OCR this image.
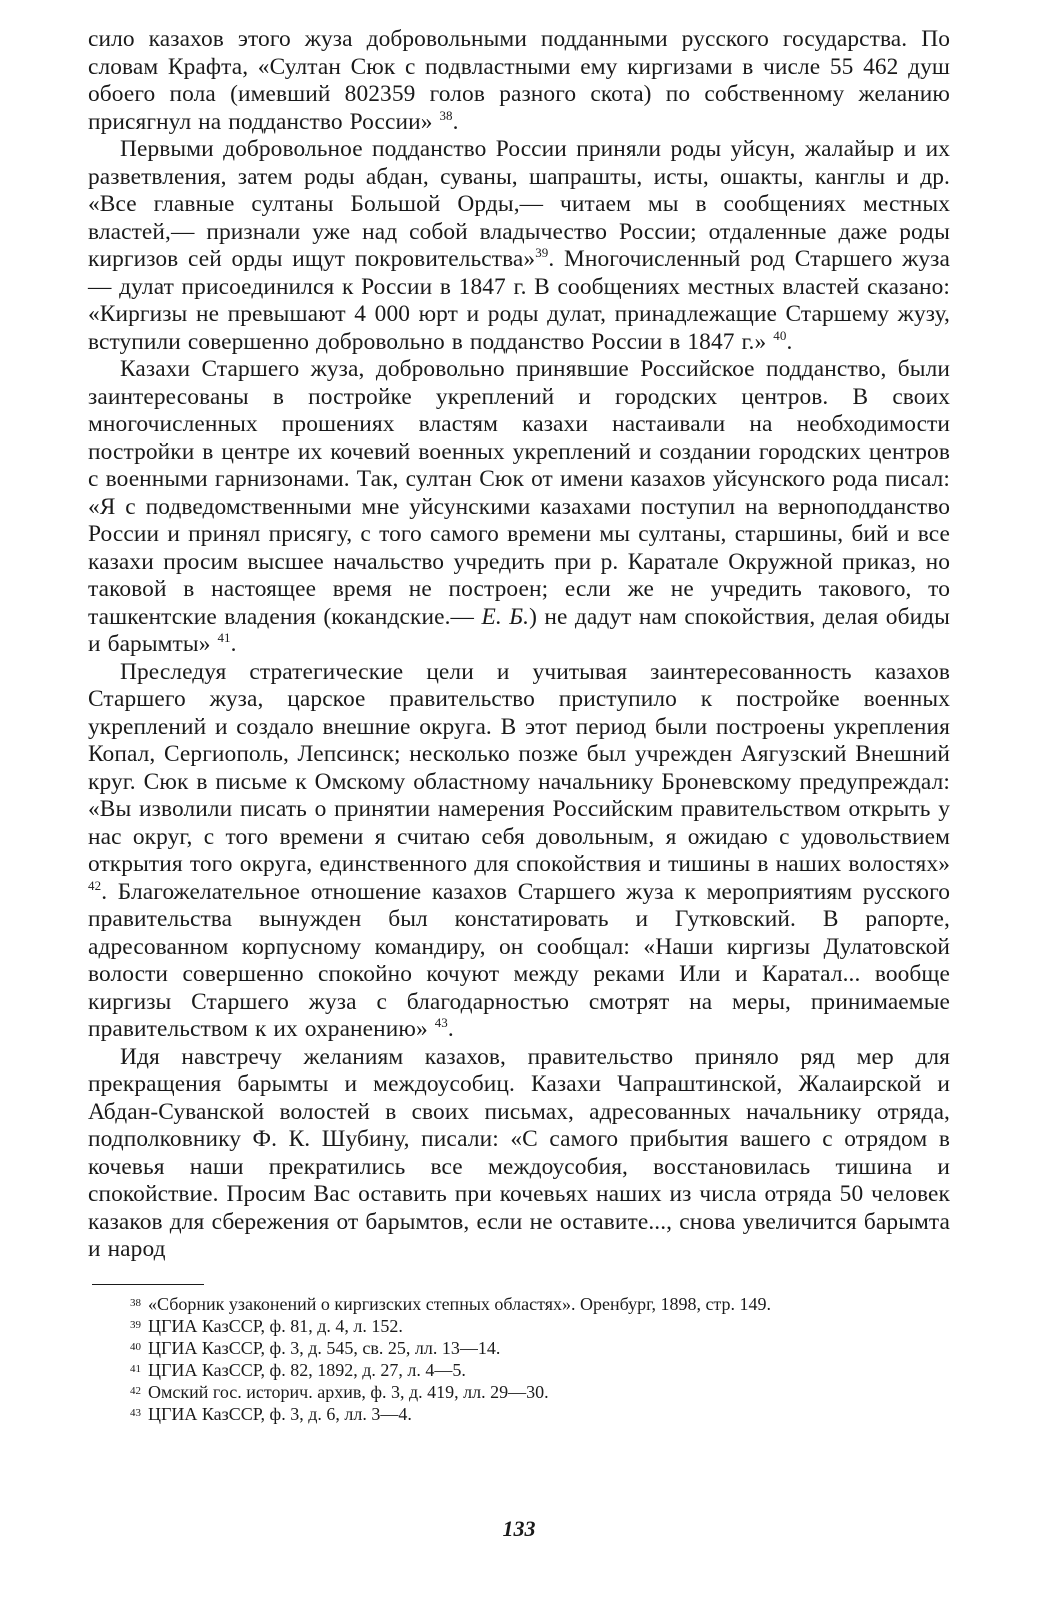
сило казахов этого жуза добровольными подданными русского государства. По словам Крафта, «Султан Сюк с подвластными ему киргизами в числе 55 462 душ обоего пола (имевший 802359 голов разного скота) по собственному желанию присягнул на подданство России» $^{38}$.

Первыми добровольное подданство России приняли роды уйсун, жалайыр и их разветвления, затем роды абдан, суваны, шапрашты, исты, ошакты, канглы и др. «Все главные султаны Большой Орды,— читаем мы в сообщениях местных властей,— признали уже над собой владычество России; отдаленные даже роды киргизов сей орды ищут покровительства»$^{39}$. Многочисленный род Старшего жуза — дулат присоединился к России в 1847 г. В сообщениях местных властей сказано: «Киргизы не превышают 4 000 юрт и роды дулат, принадлежащие Старшему жузу, вступили совершенно добровольно в подданство России в 1847 г.» $^{40}$.

Казахи Старшего жуза, добровольно принявшие Российское подданство, были заинтересованы в постройке укреплений и городских центров. В своих многочисленных прошениях властям казахи настаивали на необходимости постройки в центре их кочевий военных укреплений и создании городских центров с военными гарнизонами. Так, султан Сюк от имени казахов уйсунского рода писал: «Я с подведомственными мне уйсунскими казахами поступил на верноподданство России и принял присягу, с того самого времени мы султаны, старшины, бий и все казахи просим высшее начальство учредить при р. Каратале Окружной приказ, но таковой в настоящее время не построен; если же не учредить такового, то ташкентские владения (кокандские.— Е. Б.) не дадут нам спокойствия, делая обиды и барымты» $^{41}$.

Преследуя стратегические цели и учитывая заинтересованность казахов Старшего жуза, царское правительство приступило к постройке военных укреплений и создало внешние округа. В этот период были построены укрепления Копал, Сергиополь, Лепсинск; несколько позже был учрежден Аягузский Внешний круг. Сюк в письме к Омскому областному начальнику Броневскому предупреждал: «Вы изволили писать о принятии намерения Российским правительством открыть у нас округ, с того времени я считаю себя довольным, я ожидаю с удовольствием открытия того округа, единственного для спокойствия и тишины в наших волостях» $^{42}$. Благожелательное отношение казахов Старшего жуза к мероприятиям русского правительства вынужден был констатировать и Гутковский. В рапорте, адресованном корпусному командиру, он сообщал: «Наши киргизы Дулатовской волости совершенно спокойно кочуют между реками Или и Каратал... вообще киргизы Старшего жуза с благодарностью смотрят на меры, принимаемые правительством к их охранению» $^{43}$.

Идя навстречу желаниям казахов, правительство приняло ряд мер для прекращения барымты и междоусобиц. Казахи Чапраштинской, Жалаирской и Абдан-Суванской волостей в своих письмах, адресованных начальнику отряда, подполковнику Ф. К. Шубину, писали: «С самого прибытия вашего с отрядом в кочевья наши прекратились все междоусобия, восстановилась тишина и спокойствие. Просим Вас оставить при кочевьях наших из числа отряда 50 человек казаков для сбережения от барымтов, если не оставите..., снова увеличится барымта и народ

38 «Сборник узаконений о киргизских степных областях». Оренбург, 1898, стр. 149.

39 ЦГИА КазССР, ф. 81, д. 4, л. 152.

40 ЦГИА КазССР, ф. 3, д. 545, св. 25, лл. 13—14.

41 ЦГИА КазССР, ф. 82, 1892, д. 27, л. 4—5.

42 Омский гос. историч. архив, ф. 3, д. 419, лл. 29—30.

43 ЦГИА КазССР, ф. 3, д. 6, лл. 3—4.

133
